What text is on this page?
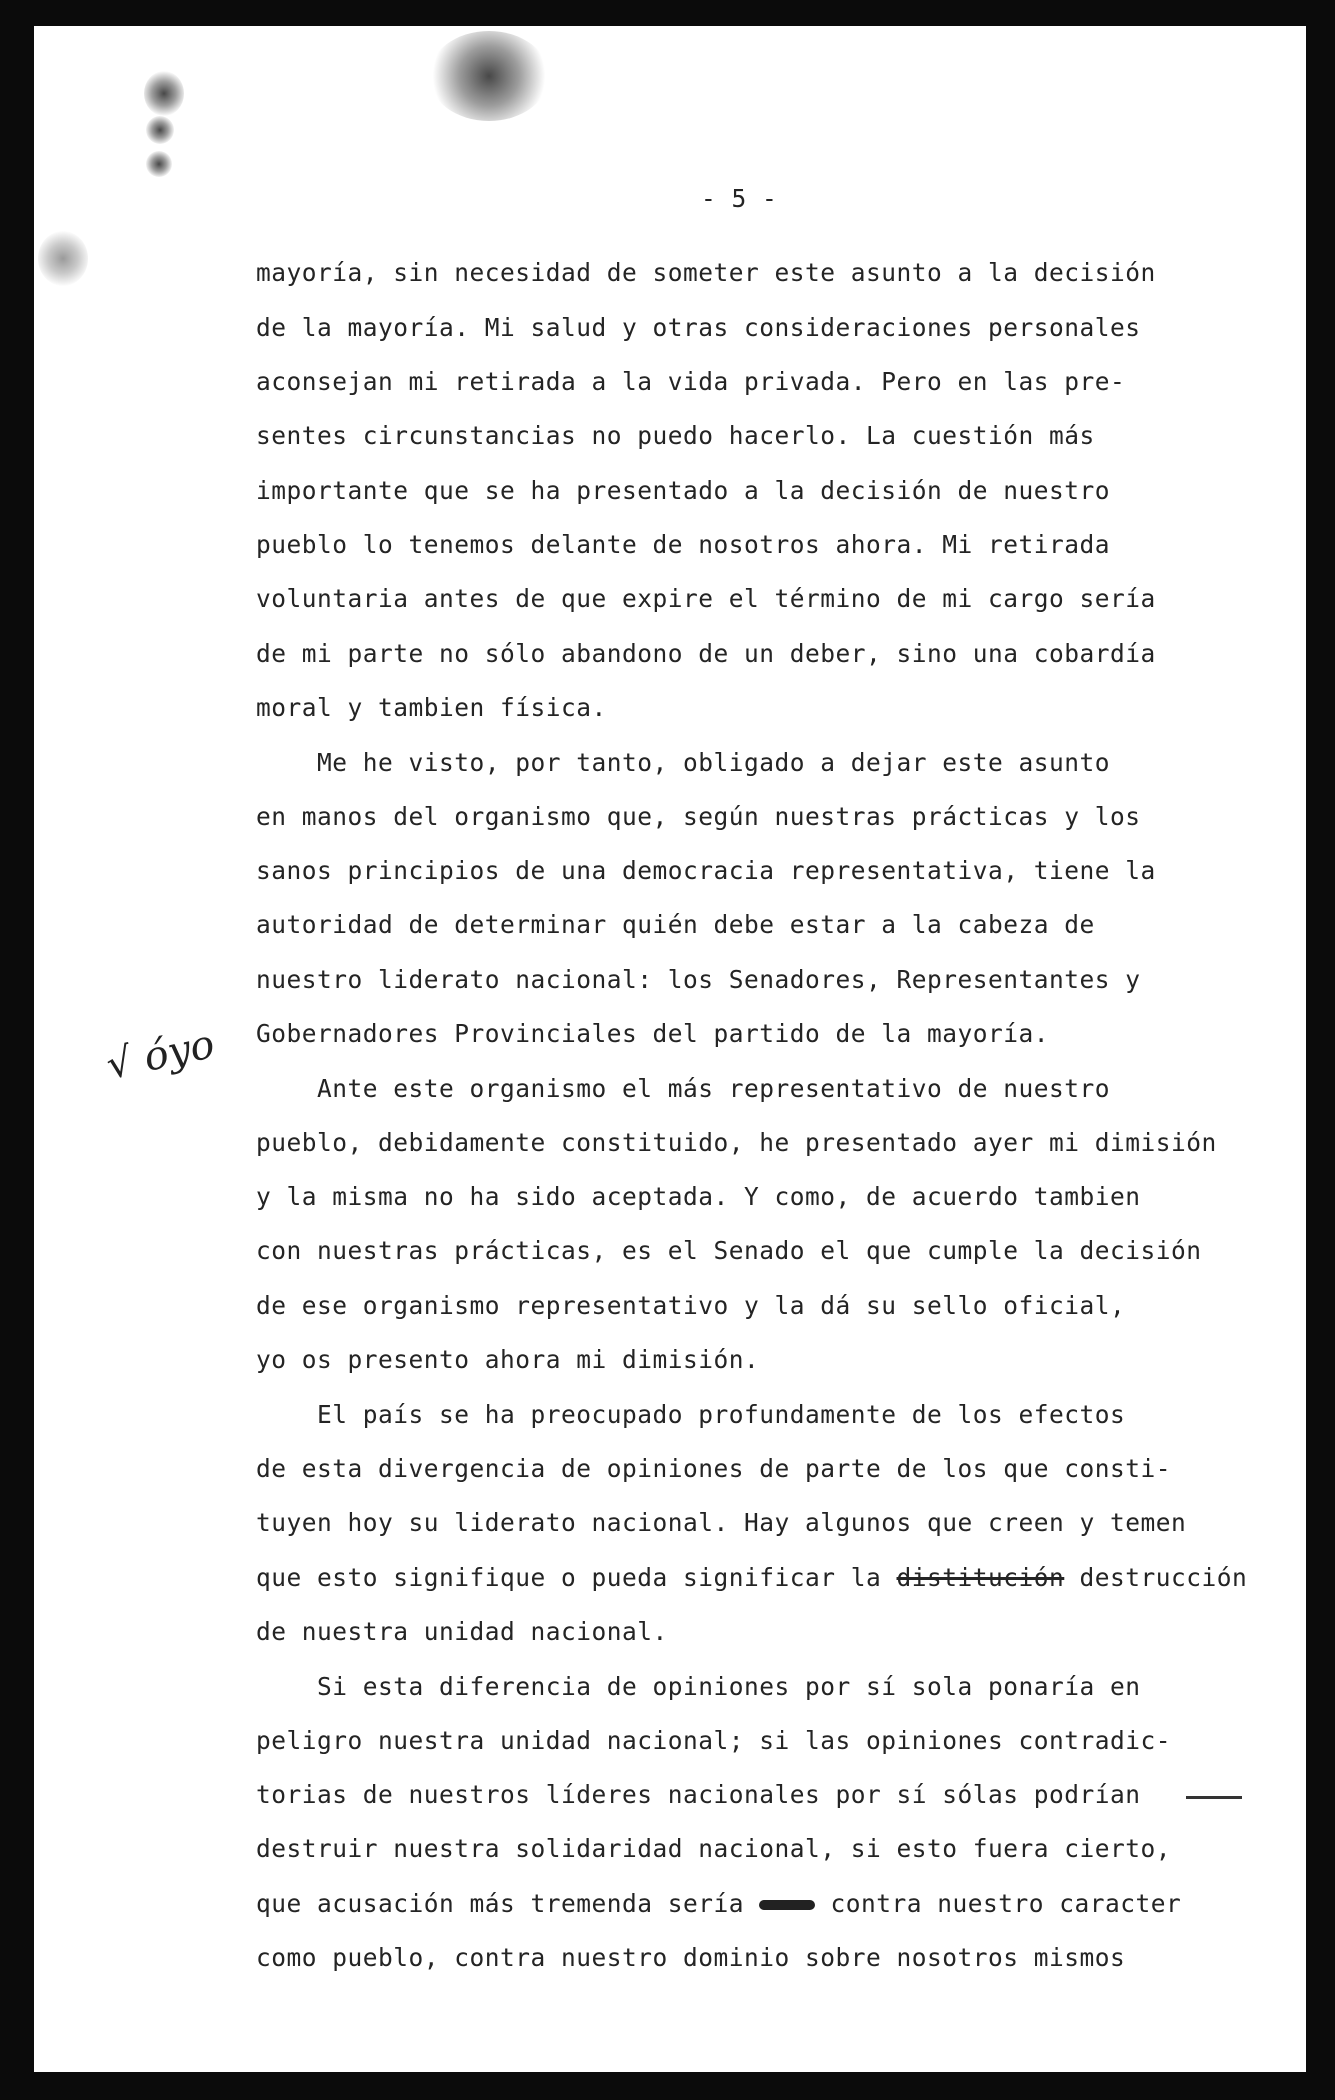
√ óyo
- 5 -
mayoría, sin necesidad de someter este asunto a la decisión
de la mayoría. Mi salud y otras consideraciones personales
aconsejan mi retirada a la vida privada. Pero en las pre-
sentes circunstancias no puedo hacerlo. La cuestión más
importante que se ha presentado a la decisión de nuestro
pueblo lo tenemos delante de nosotros ahora. Mi retirada
voluntaria antes de que expire el término de mi cargo sería
de mi parte no sólo abandono de un deber, sino una cobardía
moral y tambien física.
Me he visto, por tanto, obligado a dejar este asunto
en manos del organismo que, según nuestras prácticas y los
sanos principios de una democracia representativa, tiene la
autoridad de determinar quién debe estar a la cabeza de
nuestro liderato nacional: los Senadores, Representantes y
Gobernadores Provinciales del partido de la mayoría.
Ante este organismo el más representativo de nuestro
pueblo, debidamente constituido, he presentado ayer mi dimisión
y la misma no ha sido aceptada. Y como, de acuerdo tambien
con nuestras prácticas, es el Senado el que cumple la decisión
de ese organismo representativo y la dá su sello oficial,
yo os presento ahora mi dimisión.
El país se ha preocupado profundamente de los efectos
de esta divergencia de opiniones de parte de los que consti-
tuyen hoy su liderato nacional. Hay algunos que creen y temen
que esto signifique o pueda significar la distitución destrucción
de nuestra unidad nacional.
Si esta diferencia de opiniones por sí sola ponaría en
peligro nuestra unidad nacional; si las opiniones contradic-
torias de nuestros líderes nacionales por sí sólas podrían
destruir nuestra solidaridad nacional, si esto fuera cierto,
que acusación más tremenda sería  contra nuestro caracter
como pueblo, contra nuestro dominio sobre nosotros mismos
